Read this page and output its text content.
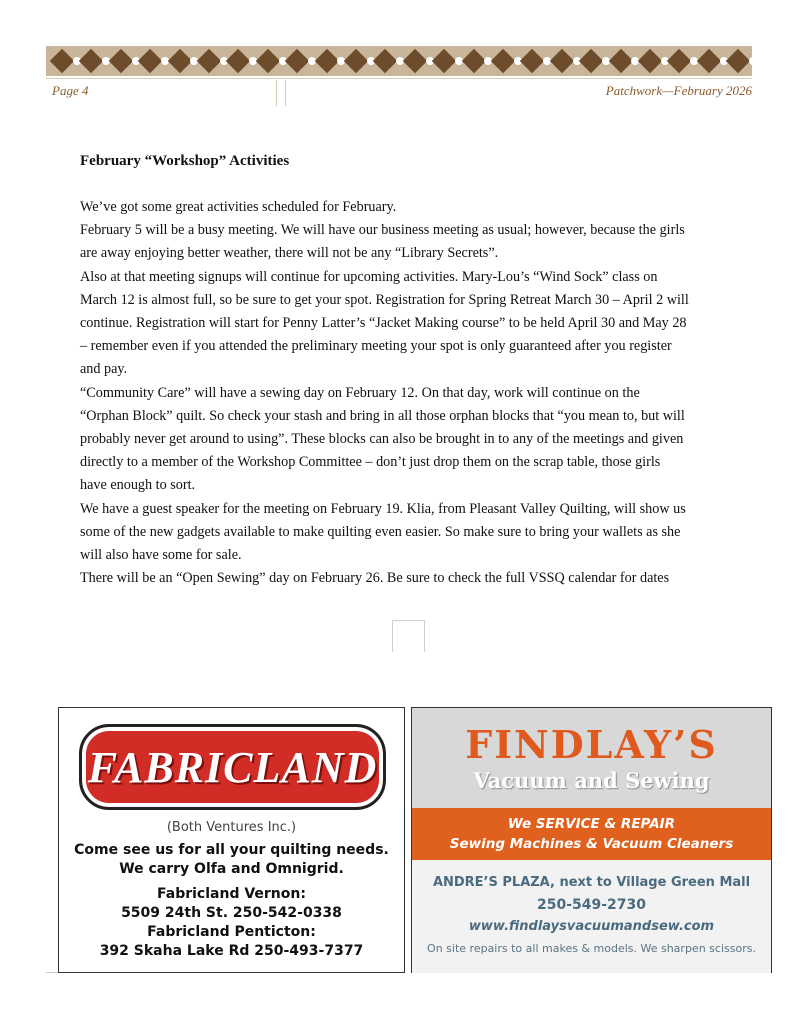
Page 4	Patchwork—February 2026
February “Workshop” Activities

We’ve got some great activities scheduled for February.
February 5 will be a busy meeting. We will have our business meeting as usual; however, because the girls are away enjoying better weather, there will not be any “Library Secrets”.
Also at that meeting signups will continue for upcoming activities. Mary-Lou’s “Wind Sock” class on March 12 is almost full, so be sure to get your spot. Registration for Spring Retreat March 30 – April 2 will continue. Registration will start for Penny Latter’s “Jacket Making course” to be held April 30 and May 28 – remember even if you attended the preliminary meeting your spot is only guaranteed after you register and pay.
“Community Care” will have a sewing day on February 12. On that day, work will continue on the “Orphan Block” quilt. So check your stash and bring in all those orphan blocks that “you mean to, but will probably never get around to using”. These blocks can also be brought in to any of the meetings and given directly to a member of the Workshop Committee – don’t just drop them on the scrap table, those girls have enough to sort.
We have a guest speaker for the meeting on February 19. Klia, from Pleasant Valley Quilting, will show us some of the new gadgets available to make quilting even easier. So make sure to bring your wallets as she will also have some for sale.
There will be an “Open Sewing” day on February 26. Be sure to check the full VSSQ calendar for dates

FABRICLAND
(Both Ventures Inc.)
Come see us for all your quilting needs.
We carry Olfa and Omnigrid.
Fabricland Vernon:
5509 24th St. 250-542-0338
Fabricland Penticton:
392 Skaha Lake Rd 250-493-7377
FINDLAY’S
Vacuum and Sewing
We SERVICE & REPAIR
Sewing Machines & Vacuum Cleaners
ANDRE’S PLAZA, next to Village Green Mall
250-549-2730
www.findlaysvacuumandsew.com
On site repairs to all makes & models. We sharpen scissors.
